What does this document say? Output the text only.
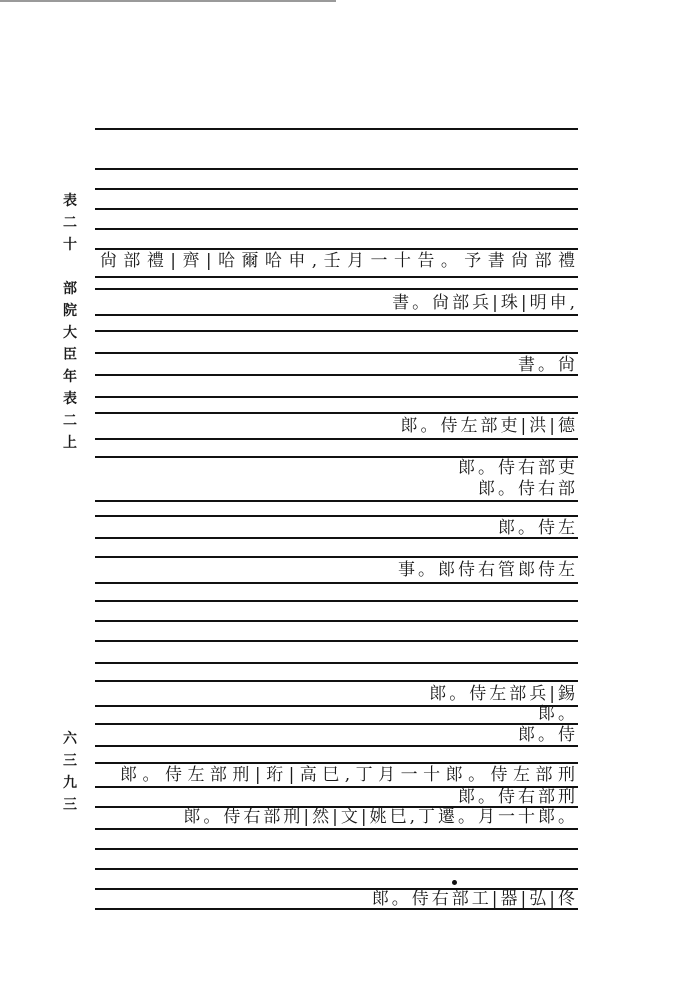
表
二
十

部
院
大
臣
年
表
二
上
六
三
九
三
尙部禮|齊|哈爾哈申,壬月一十告。予書尙部禮
書。尙部兵|珠|明申,
書。尙
郞。侍左部吏|洪|德
郞。侍右部吏
郞。侍右部
郞。侍左
事。郞侍右管郞侍左
郞。侍左部兵|錫
郞。
郞。侍
郞。侍左部刑|珩|高巳,丁月一十郞。侍左部刑
郞。侍右部刑
郞。侍右部刑|然|文|姚巳,丁遷。月一十郞。
郞。侍右部工|器|弘|佟
